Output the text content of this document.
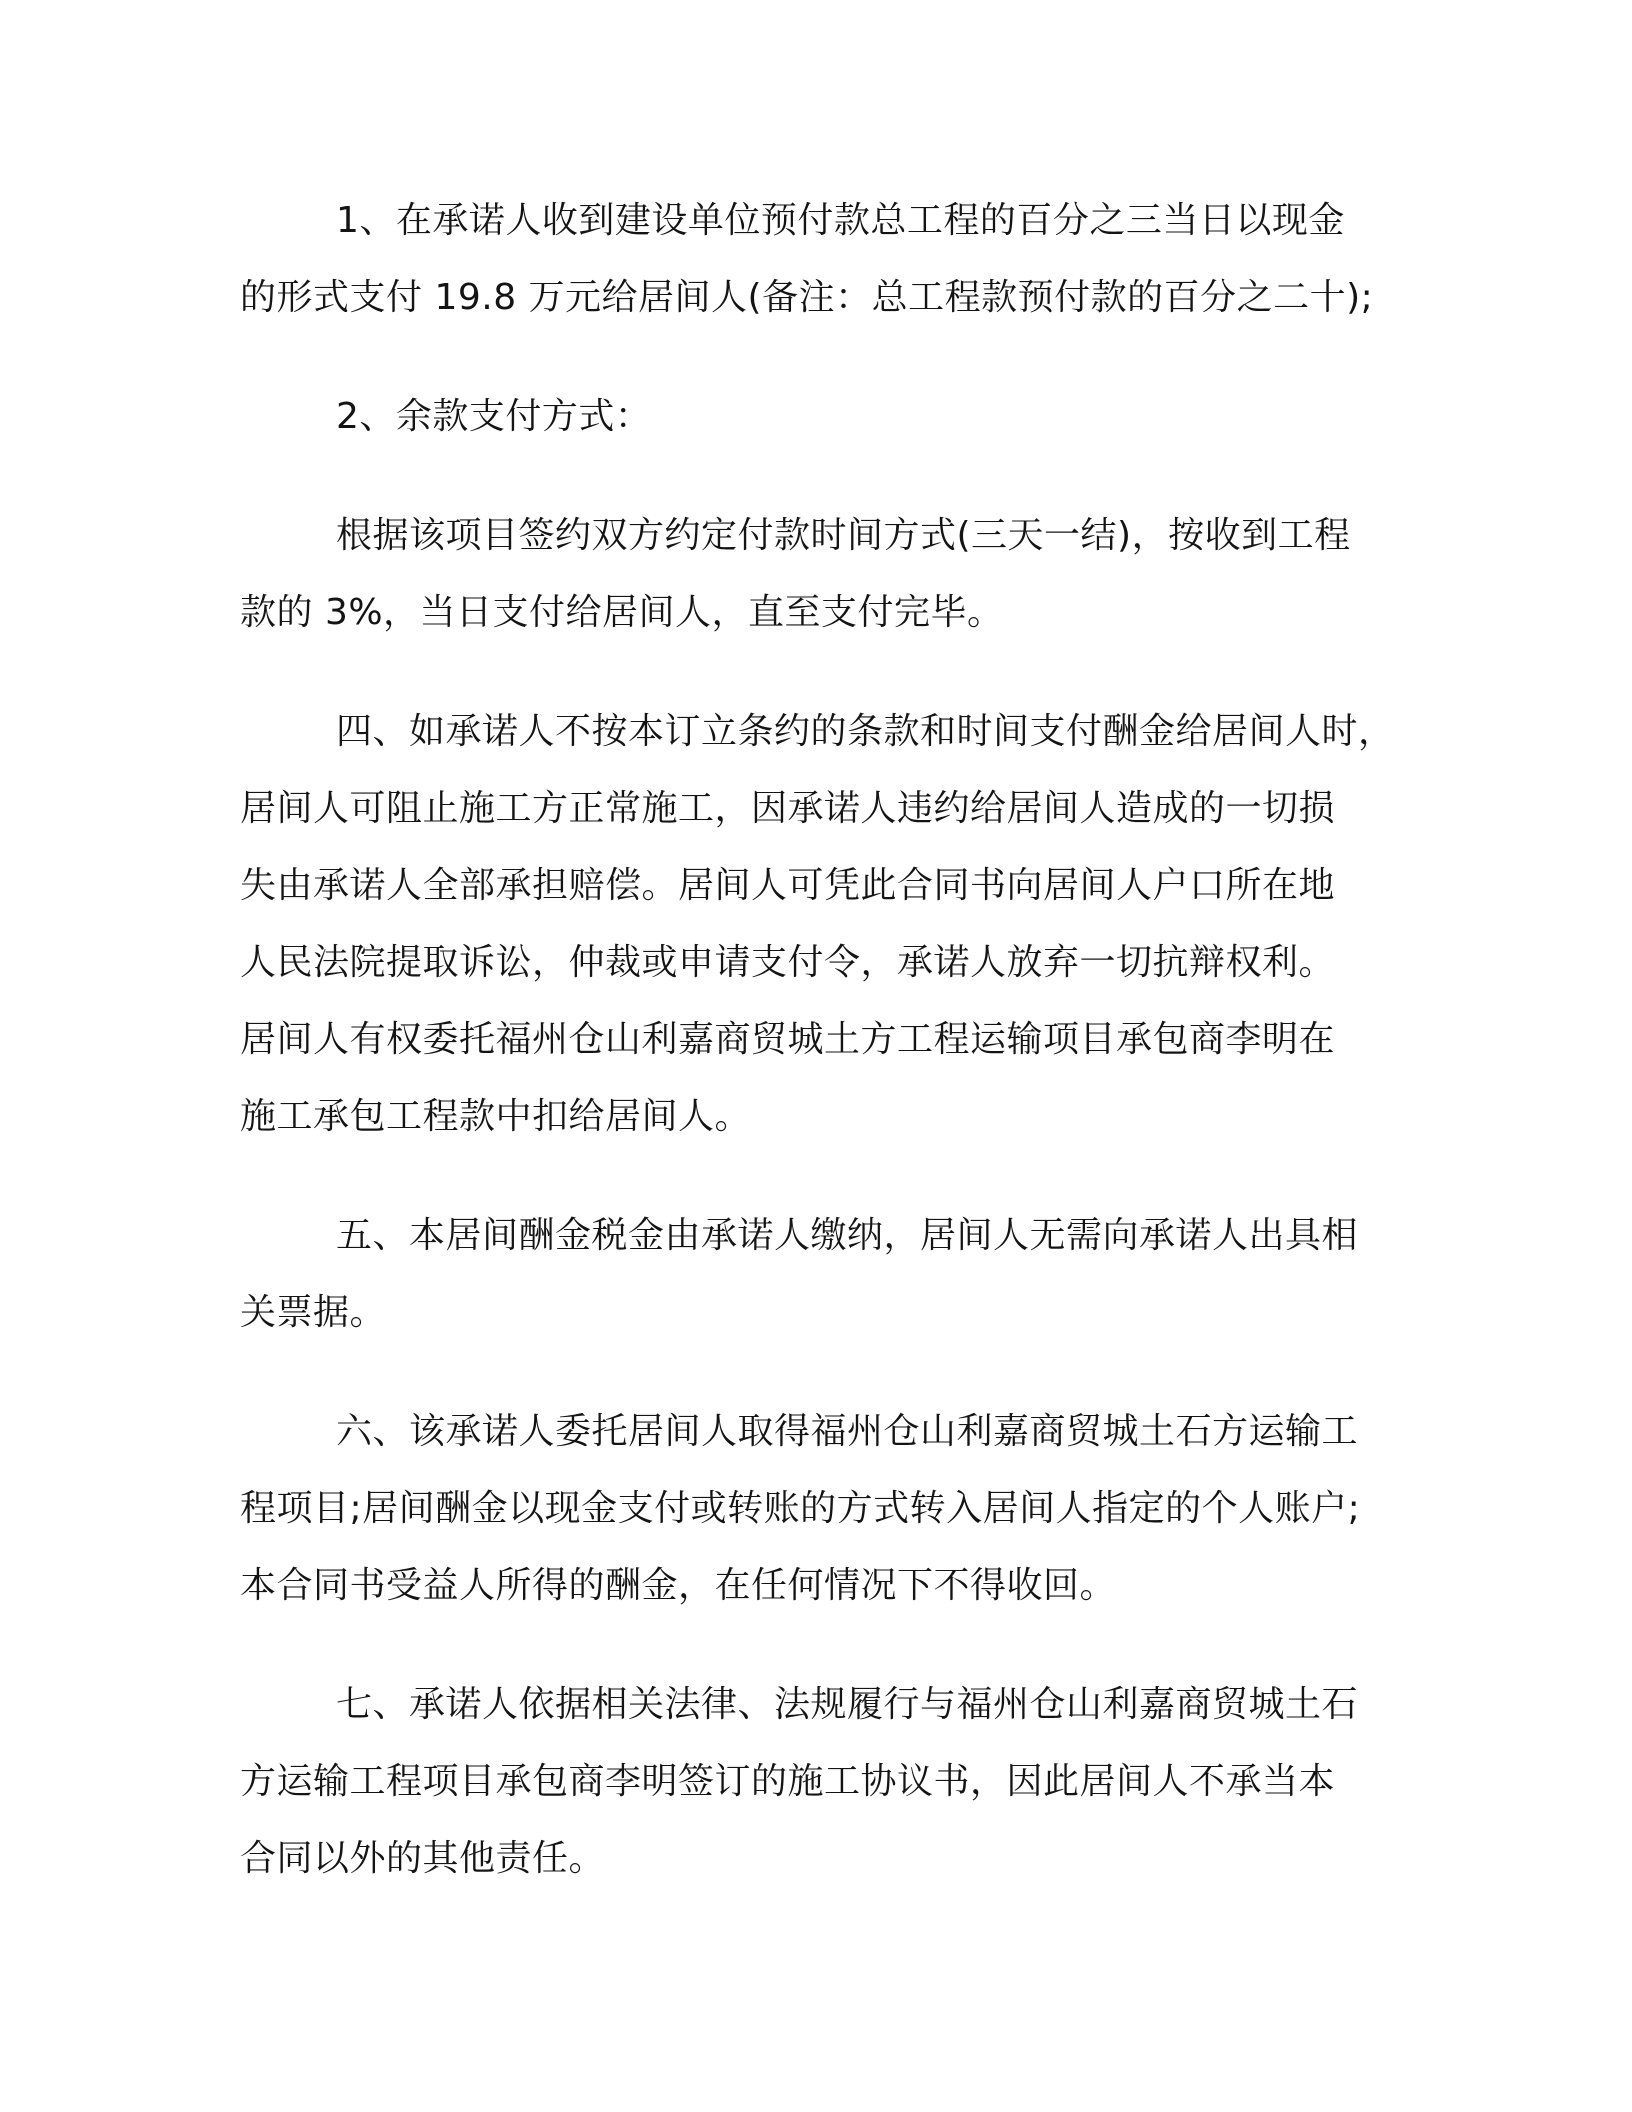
1、在承诺人收到建设单位预付款总工程的百分之三当日以现金
的形式支付 19.8 万元给居间人(备注：总工程款预付款的百分之二十);
2、余款支付方式：
根据该项目签约双方约定付款时间方式(三天一结)，按收到工程
款的 3%，当日支付给居间人，直至支付完毕。
四、如承诺人不按本订立条约的条款和时间支付酬金给居间人时，
居间人可阻止施工方正常施工，因承诺人违约给居间人造成的一切损
失由承诺人全部承担赔偿。居间人可凭此合同书向居间人户口所在地
人民法院提取诉讼，仲裁或申请支付令，承诺人放弃一切抗辩权利。
居间人有权委托福州仓山利嘉商贸城土方工程运输项目承包商李明在
施工承包工程款中扣给居间人。
五、本居间酬金税金由承诺人缴纳，居间人无需向承诺人出具相
关票据。
六、该承诺人委托居间人取得福州仓山利嘉商贸城土石方运输工
程项目;居间酬金以现金支付或转账的方式转入居间人指定的个人账户;
本合同书受益人所得的酬金，在任何情况下不得收回。
七、承诺人依据相关法律、法规履行与福州仓山利嘉商贸城土石
方运输工程项目承包商李明签订的施工协议书，因此居间人不承当本
合同以外的其他责任。
